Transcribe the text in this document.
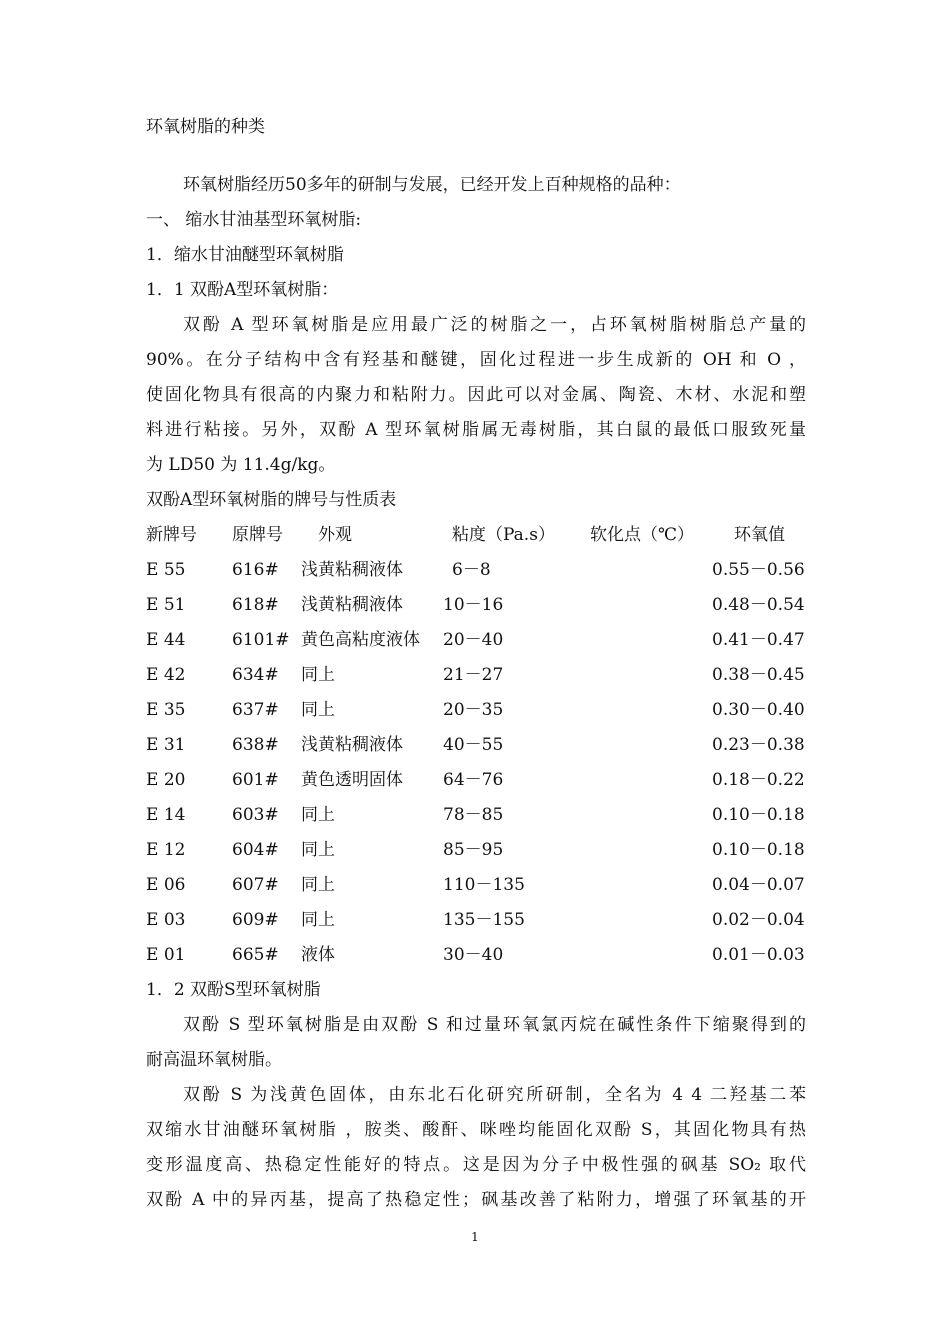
环氧树脂的种类
环氧树脂经历50多年的研制与发展，已经开发上百种规格的品种：
一、 缩水甘油基型环氧树脂:
1．缩水甘油醚型环氧树脂
1．1 双酚A型环氧树脂：
双酚 A 型环氧树脂是应用最广泛的树脂之一，占环氧树脂树脂总产量的
90%。在分子结构中含有羟基和醚键，固化过程进一步生成新的 OH 和 O ，
使固化物具有很高的内聚力和粘附力。因此可以对金属、陶瓷、木材、水泥和塑
料进行粘接。另外，双酚 A 型环氧树脂属无毒树脂，其白鼠的最低口服致死量
为 LD50 为 11.4g/kg。
双酚A型环氧树脂的牌号与性质表
新牌号 原牌号 外观	粘度（Pa.s） 软化点（℃） 环氧值
E 55	616# 浅黄粘稠液体	6－8	0.55－0.56
E 51	618# 浅黄粘稠液体 10－16	0.48－0.54
E 44	6101# 黄色高粘度液体 20－40	0.41－0.47
E 42	634# 同上	21－27	0.38－0.45
E 35	637# 同上	20－35	0.30－0.40
E 31	638# 浅黄粘稠液体 40－55	0.23－0.38
E 20	601# 黄色透明固体 64－76	0.18－0.22
E 14	603# 同上	78－85	0.10－0.18
E 12	604# 同上	85－95	0.10－0.18
E 06	607# 同上	110－135	0.04－0.07
E 03	609# 同上	135－155	0.02－0.04
E 01	665# 液体	30－40	0.01－0.03
1．2 双酚S型环氧树脂
双酚 S 型环氧树脂是由双酚 S 和过量环氧氯丙烷在碱性条件下缩聚得到的
耐高温环氧树脂。
双酚 S 为浅黄色固体，由东北石化研究所研制，全名为 4 4 二羟基二苯
双缩水甘油醚环氧树脂 ，胺类、酸酐、咪唑均能固化双酚 S，其固化物具有热
变形温度高、热稳定性能好的特点。这是因为分子中极性强的砜基 SO₂ 取代
双酚 A 中的异丙基，提高了热稳定性；砜基改善了粘附力，增强了环氧基的开
1
